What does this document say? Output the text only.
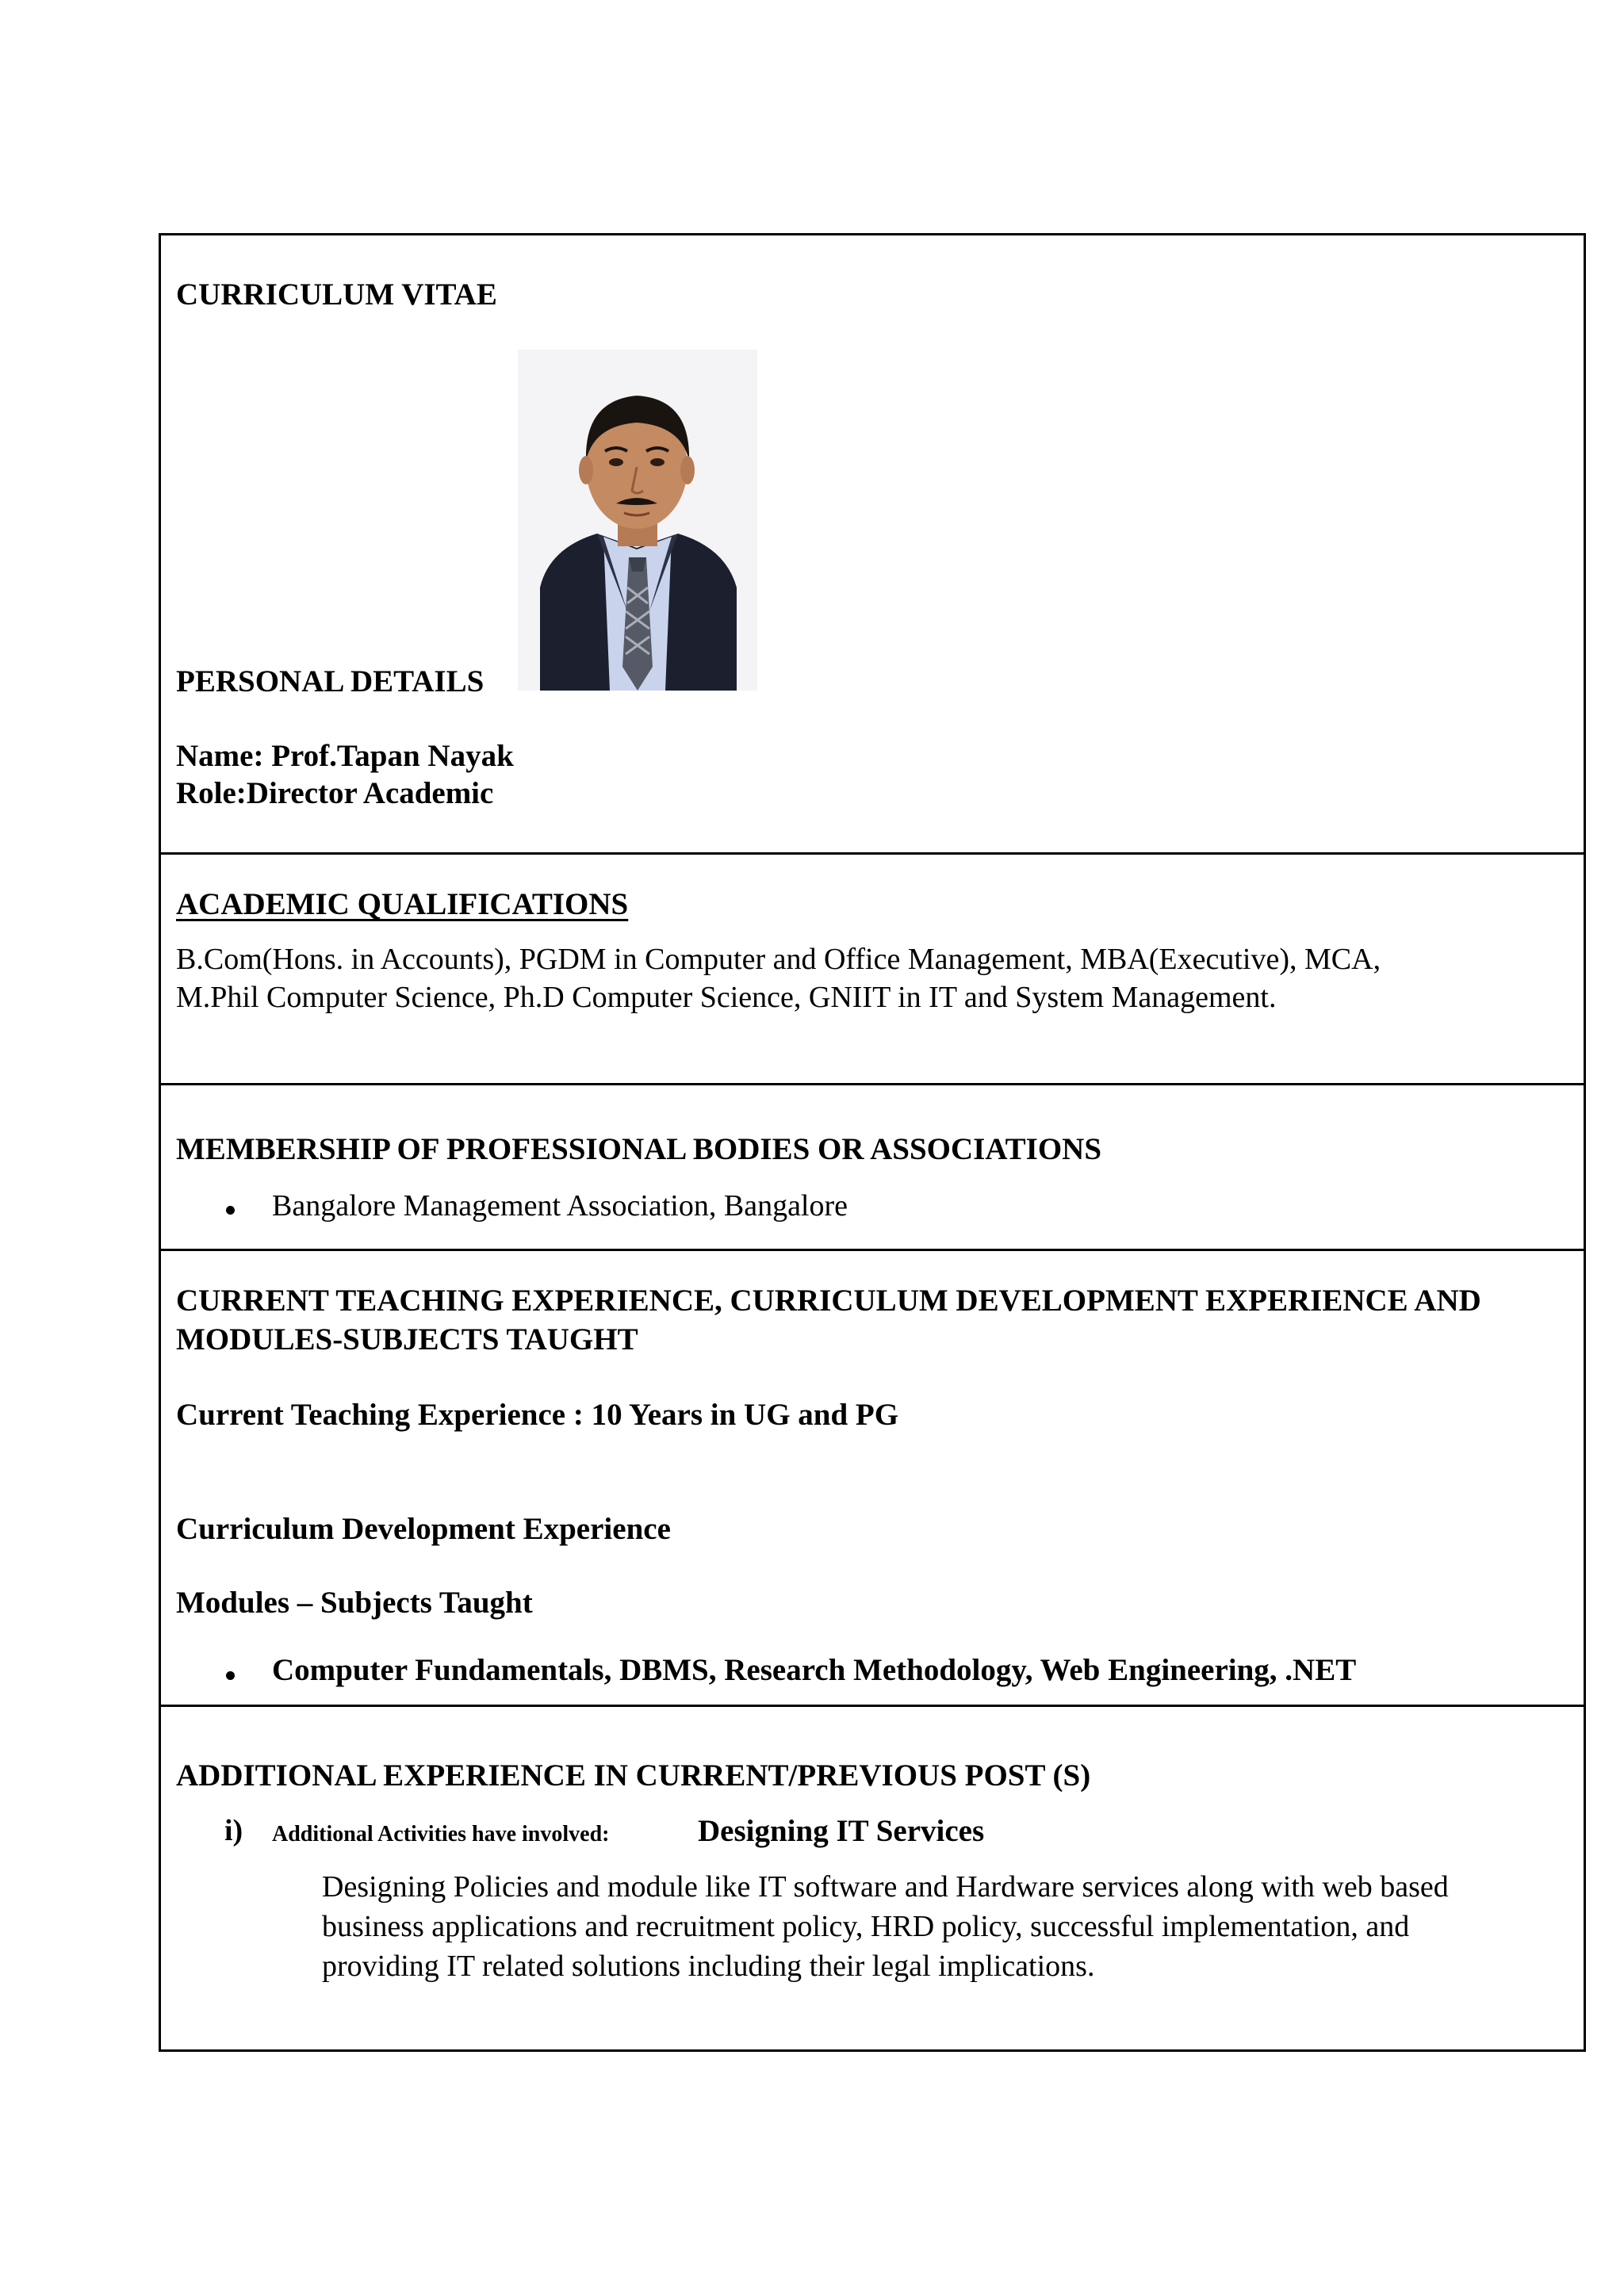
CURRICULUM VITAE
PERSONAL DETAILS
Name: Prof.Tapan Nayak
Role:Director Academic
ACADEMIC QUALIFICATIONS
B.Com(Hons. in Accounts), PGDM in Computer and Office Management, MBA(Executive), MCA,
M.Phil Computer Science, Ph.D Computer Science, GNIIT in IT and System Management.
MEMBERSHIP OF PROFESSIONAL BODIES OR ASSOCIATIONS
Bangalore Management Association, Bangalore
CURRENT TEACHING EXPERIENCE, CURRICULUM DEVELOPMENT EXPERIENCE AND
MODULES-SUBJECTS TAUGHT
Current Teaching Experience : 10 Years in UG and PG
Curriculum Development Experience
Modules – Subjects Taught
Computer Fundamentals, DBMS, Research Methodology, Web Engineering, .NET
ADDITIONAL EXPERIENCE IN CURRENT/PREVIOUS POST (S)
i) Additional Activities have involved:	Designing IT Services
Designing Policies and module like IT software and Hardware services along with web based
business applications and recruitment policy, HRD policy, successful implementation, and
providing IT related solutions including their legal implications.
